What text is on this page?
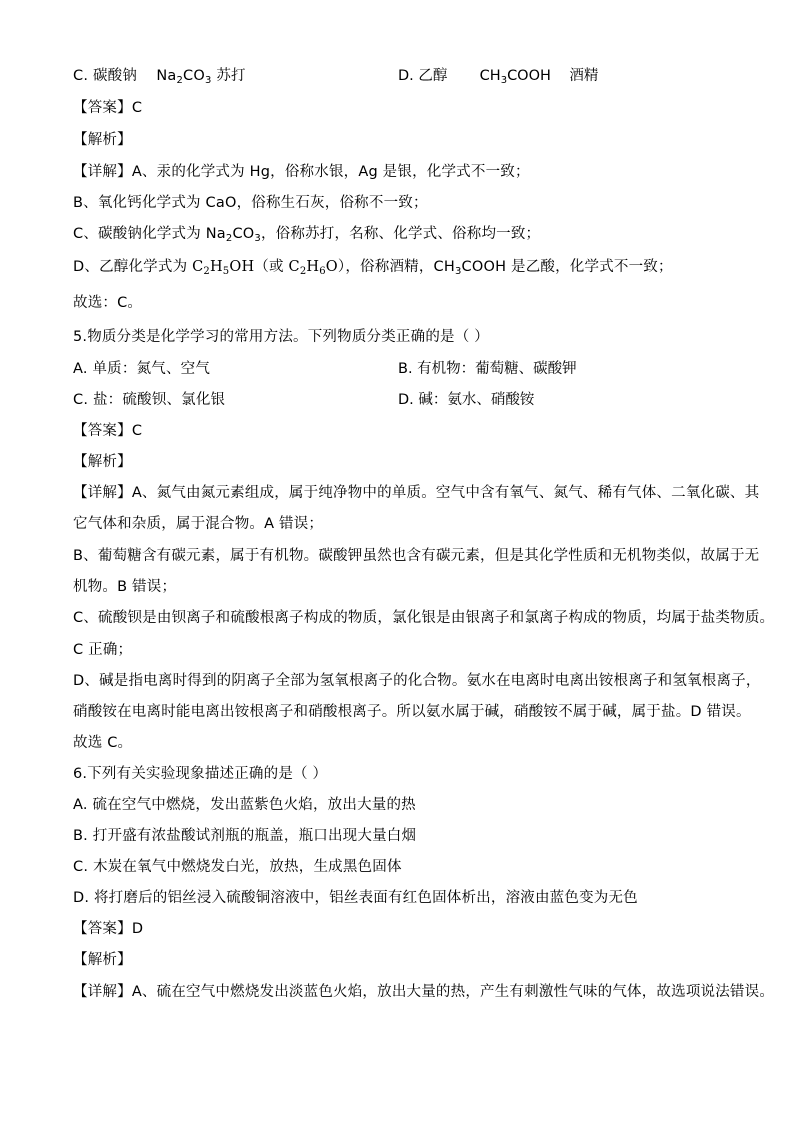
C. 碳酸钠 $Na_2CO_3$ 苏打	D. 乙醇 $CH_3COOH$ 酒精
【答案】C
【解析】
【详解】A、汞的化学式为 Hg，俗称水银，Ag 是银，化学式不一致；
B、氧化钙化学式为 CaO，俗称生石灰，俗称不一致；
C、碳酸钠化学式为 $Na_2CO_3$，俗称苏打，名称、化学式、俗称均一致；
D、乙醇化学式为 $C_2H_5OH$（或 $C_2H_6O$），俗称酒精，$CH_3COOH$ 是乙酸，化学式不一致；
故选：C。
5.物质分类是化学学习的常用方法。下列物质分类正确的是（ ）
A. 单质：氮气、空气	B. 有机物：葡萄糖、碳酸钾
C. 盐：硫酸钡、氯化银	D. 碱：氨水、硝酸铵
【答案】C
【解析】
【详解】A、氮气由氮元素组成，属于纯净物中的单质。空气中含有氧气、氮气、稀有气体、二氧化碳、其
它气体和杂质，属于混合物。A 错误；
B、葡萄糖含有碳元素，属于有机物。碳酸钾虽然也含有碳元素，但是其化学性质和无机物类似，故属于无
机物。B 错误；
C、硫酸钡是由钡离子和硫酸根离子构成的物质，氯化银是由银离子和氯离子构成的物质，均属于盐类物质。
C 正确；
D、碱是指电离时得到的阴离子全部为氢氧根离子的化合物。氨水在电离时电离出铵根离子和氢氧根离子，
硝酸铵在电离时能电离出铵根离子和硝酸根离子。所以氨水属于碱，硝酸铵不属于碱，属于盐。D 错误。
故选 C。
6.下列有关实验现象描述正确的是（ ）
A. 硫在空气中燃烧，发出蓝紫色火焰，放出大量的热
B. 打开盛有浓盐酸试剂瓶的瓶盖，瓶口出现大量白烟
C. 木炭在氧气中燃烧发白光，放热，生成黑色固体
D. 将打磨后的铝丝浸入硫酸铜溶液中，铝丝表面有红色固体析出，溶液由蓝色变为无色
【答案】D
【解析】
【详解】A、硫在空气中燃烧发出淡蓝色火焰，放出大量的热，产生有刺激性气味的气体，故选项说法错误。
